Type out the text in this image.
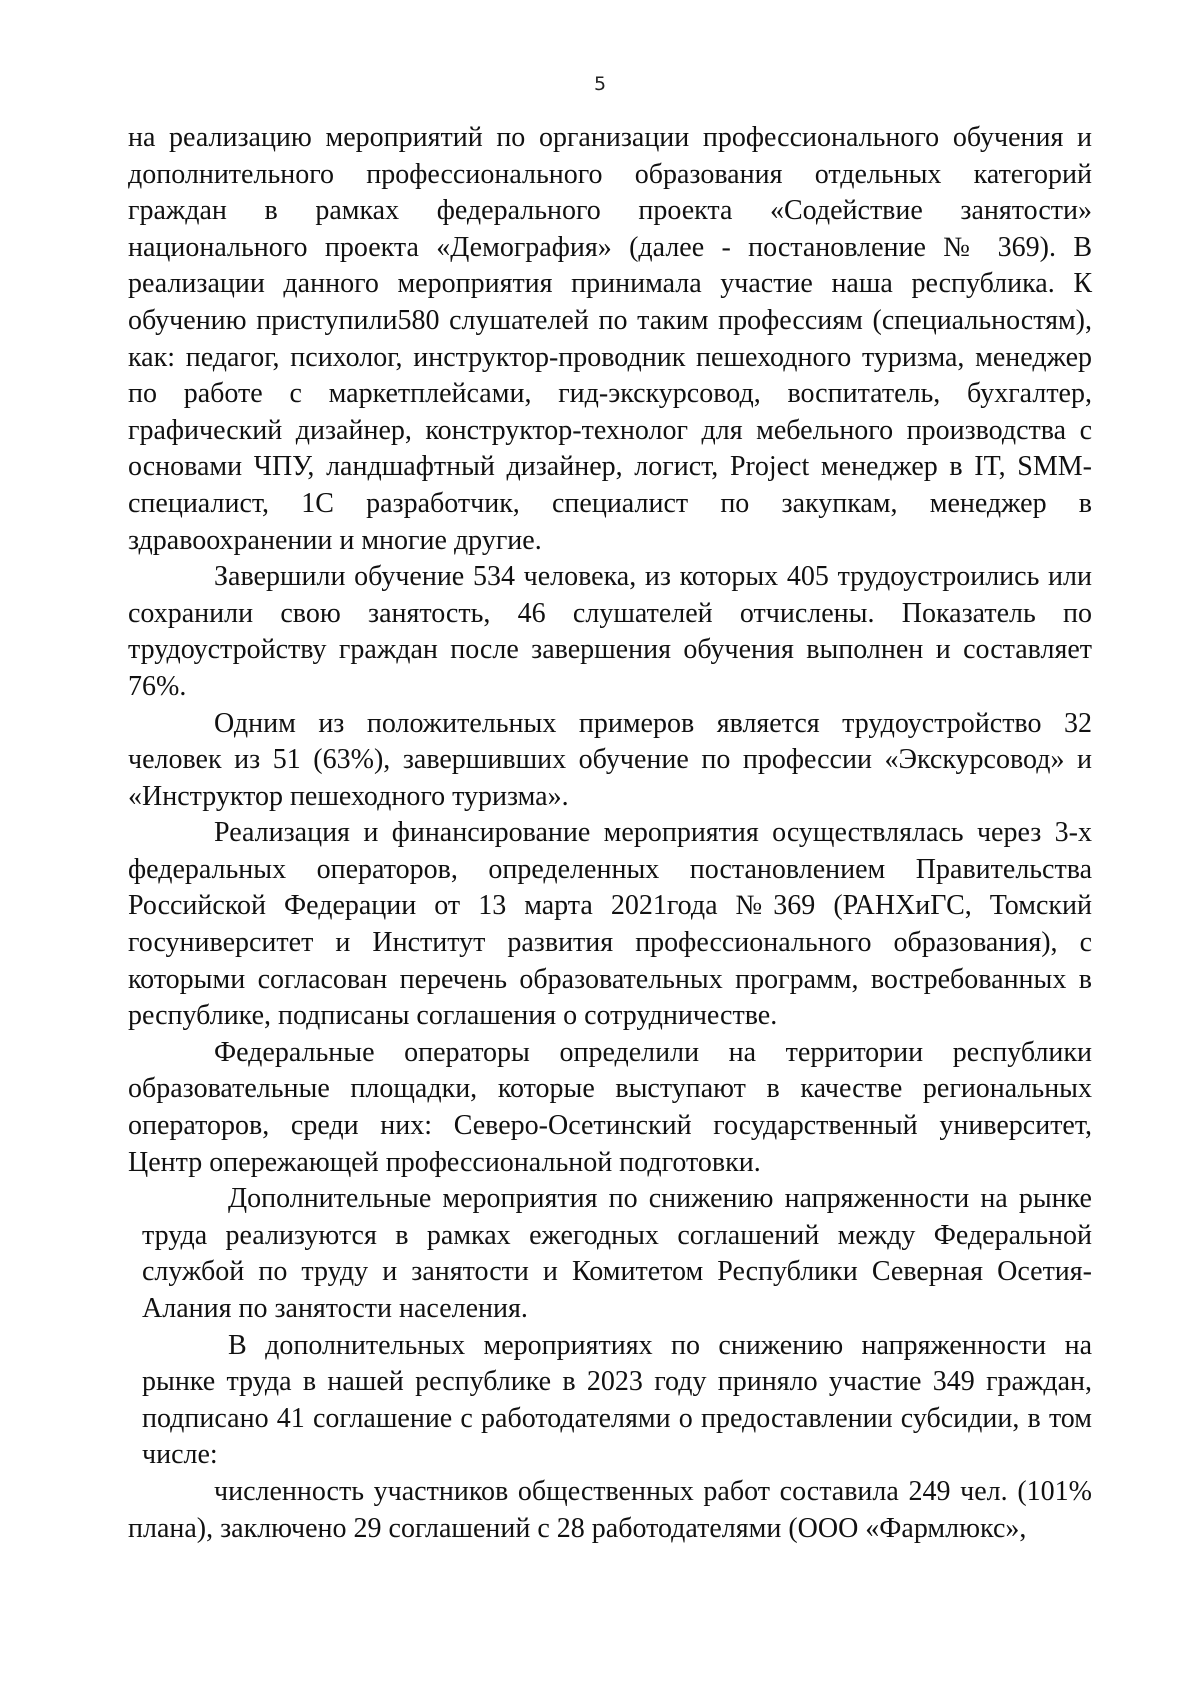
5

на реализацию мероприятий по организации профессионального обучения и дополнительного профессионального образования отдельных категорий граждан в рамках федерального проекта «Содействие занятости» национального проекта «Демография» (далее - постановление № 369). В реализации данного мероприятия принимала участие наша республика. К обучению приступили580 слушателей по таким профессиям (специальностям), как: педагог, психолог, инструктор-проводник пешеходного туризма, менеджер по работе с маркетплейсами, гид-экскурсовод, воспитатель, бухгалтер, графический дизайнер, конструктор-технолог для мебельного производства с основами ЧПУ, ландшафтный дизайнер, логист, Project менеджер в IT, SMM-специалист, 1С разработчик, специалист по закупкам, менеджер в здравоохранении и многие другие.

Завершили обучение 534 человека, из которых 405 трудоустроились или сохранили свою занятость, 46 слушателей отчислены. Показатель по трудоустройству граждан после завершения обучения выполнен и составляет 76%.

Одним из положительных примеров является трудоустройство 32 человек из 51 (63%), завершивших обучение по профессии «Экскурсовод» и «Инструктор пешеходного туризма».

Реализация и финансирование мероприятия осуществлялась через 3-х федеральных операторов, определенных постановлением Правительства Российской Федерации от 13 марта 2021года №369 (РАНХиГС, Томский госуниверситет и Институт развития профессионального образования), с которыми согласован перечень образовательных программ, востребованных в республике, подписаны соглашения о сотрудничестве.

Федеральные операторы определили на территории республики образовательные площадки, которые выступают в качестве региональных операторов, среди них: Северо-Осетинский государственный университет, Центр опережающей профессиональной подготовки.

Дополнительные мероприятия по снижению напряженности на рынке труда реализуются в рамках ежегодных соглашений между Федеральной службой по труду и занятости и Комитетом Республики Северная Осетия-Алания по занятости населения.

В дополнительных мероприятиях по снижению напряженности на рынке труда в нашей республике в 2023 году приняло участие 349 граждан, подписано 41 соглашение с работодателями о предоставлении субсидии, в том числе:

численность участников общественных работ составила 249 чел. (101% плана), заключено 29 соглашений с 28 работодателями (ООО «Фармлюкс»,
